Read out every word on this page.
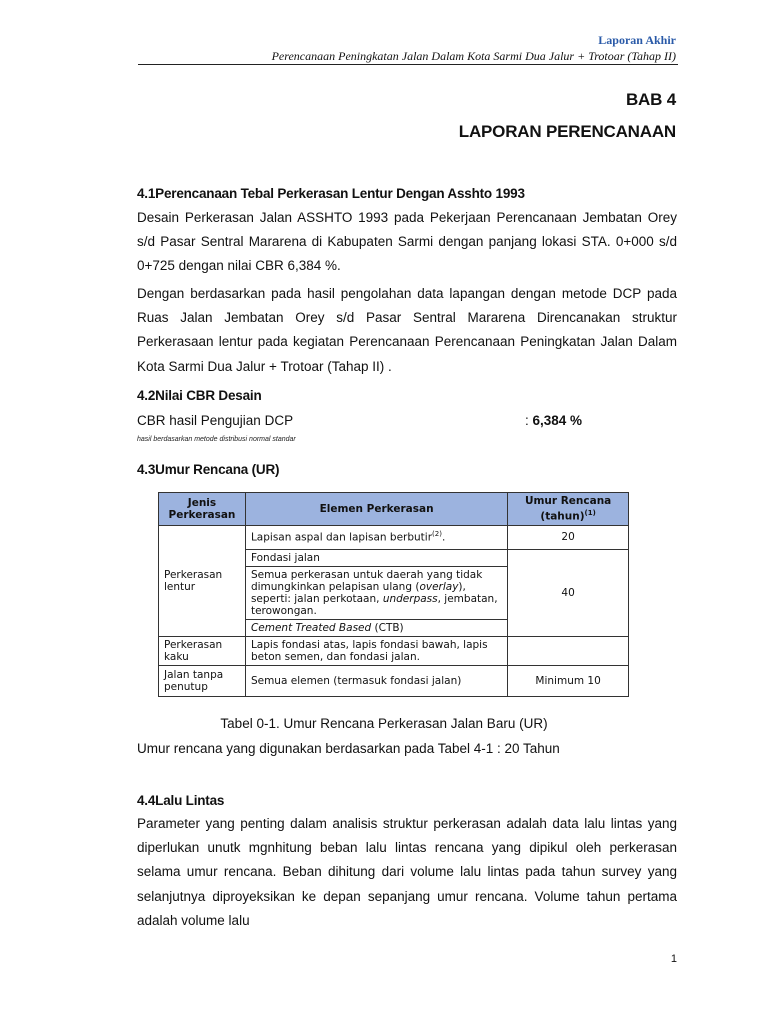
Laporan Akhir
Perencanaan Peningkatan Jalan Dalam Kota Sarmi Dua Jalur + Trotoar (Tahap II)
BAB 4
LAPORAN PERENCANAAN
4.1Perencanaan Tebal Perkerasan Lentur Dengan Asshto 1993
Desain Perkerasan Jalan ASSHTO 1993 pada Pekerjaan Perencanaan Jembatan Orey s/d Pasar Sentral Mararena di Kabupaten Sarmi dengan panjang lokasi STA. 0+000 s/d 0+725 dengan nilai CBR 6,384 %.
Dengan berdasarkan pada hasil pengolahan data lapangan dengan metode DCP pada Ruas Jalan Jembatan Orey s/d Pasar Sentral Mararena Direncanakan struktur Perkerasaan lentur pada kegiatan Perencanaan Perencanaan Peningkatan Jalan Dalam Kota Sarmi Dua Jalur + Trotoar (Tahap II) .
4.2Nilai CBR Desain
CBR hasil Pengujian DCP	: 6,384 %
hasil berdasarkan metode distribusi normal standar
4.3Umur Rencana (UR)
Jenis Perkerasan	Elemen Perkerasan	Umur Rencana (tahun)$^{(1)}$
Perkerasan lentur	Lapisan aspal dan lapisan berbutir$^{(2)}$.	20
	Fondasi jalan	40
	Semua perkerasan untuk daerah yang tidak dimungkinkan pelapisan ulang (overlay), seperti: jalan perkotaan, underpass, jembatan, terowongan.	
	Cement Treated Based (CTB)	
Perkerasan kaku	Lapis fondasi atas, lapis fondasi bawah, lapis beton semen, dan fondasi jalan.	
Jalan tanpa penutup	Semua elemen (termasuk fondasi jalan)	Minimum 10
Tabel 0-1. Umur Rencana Perkerasan Jalan Baru (UR)
Umur rencana yang digunakan berdasarkan pada Tabel 4-1 : 20 Tahun
4.4Lalu Lintas
Parameter yang penting dalam analisis struktur perkerasan adalah data lalu lintas yang diperlukan unutk mgnhitung beban lalu lintas rencana yang dipikul oleh perkerasan selama umur rencana. Beban dihitung dari volume lalu lintas pada tahun survey yang selanjutnya diproyeksikan ke depan sepanjang umur rencana. Volume tahun pertama adalah volume lalu
1
